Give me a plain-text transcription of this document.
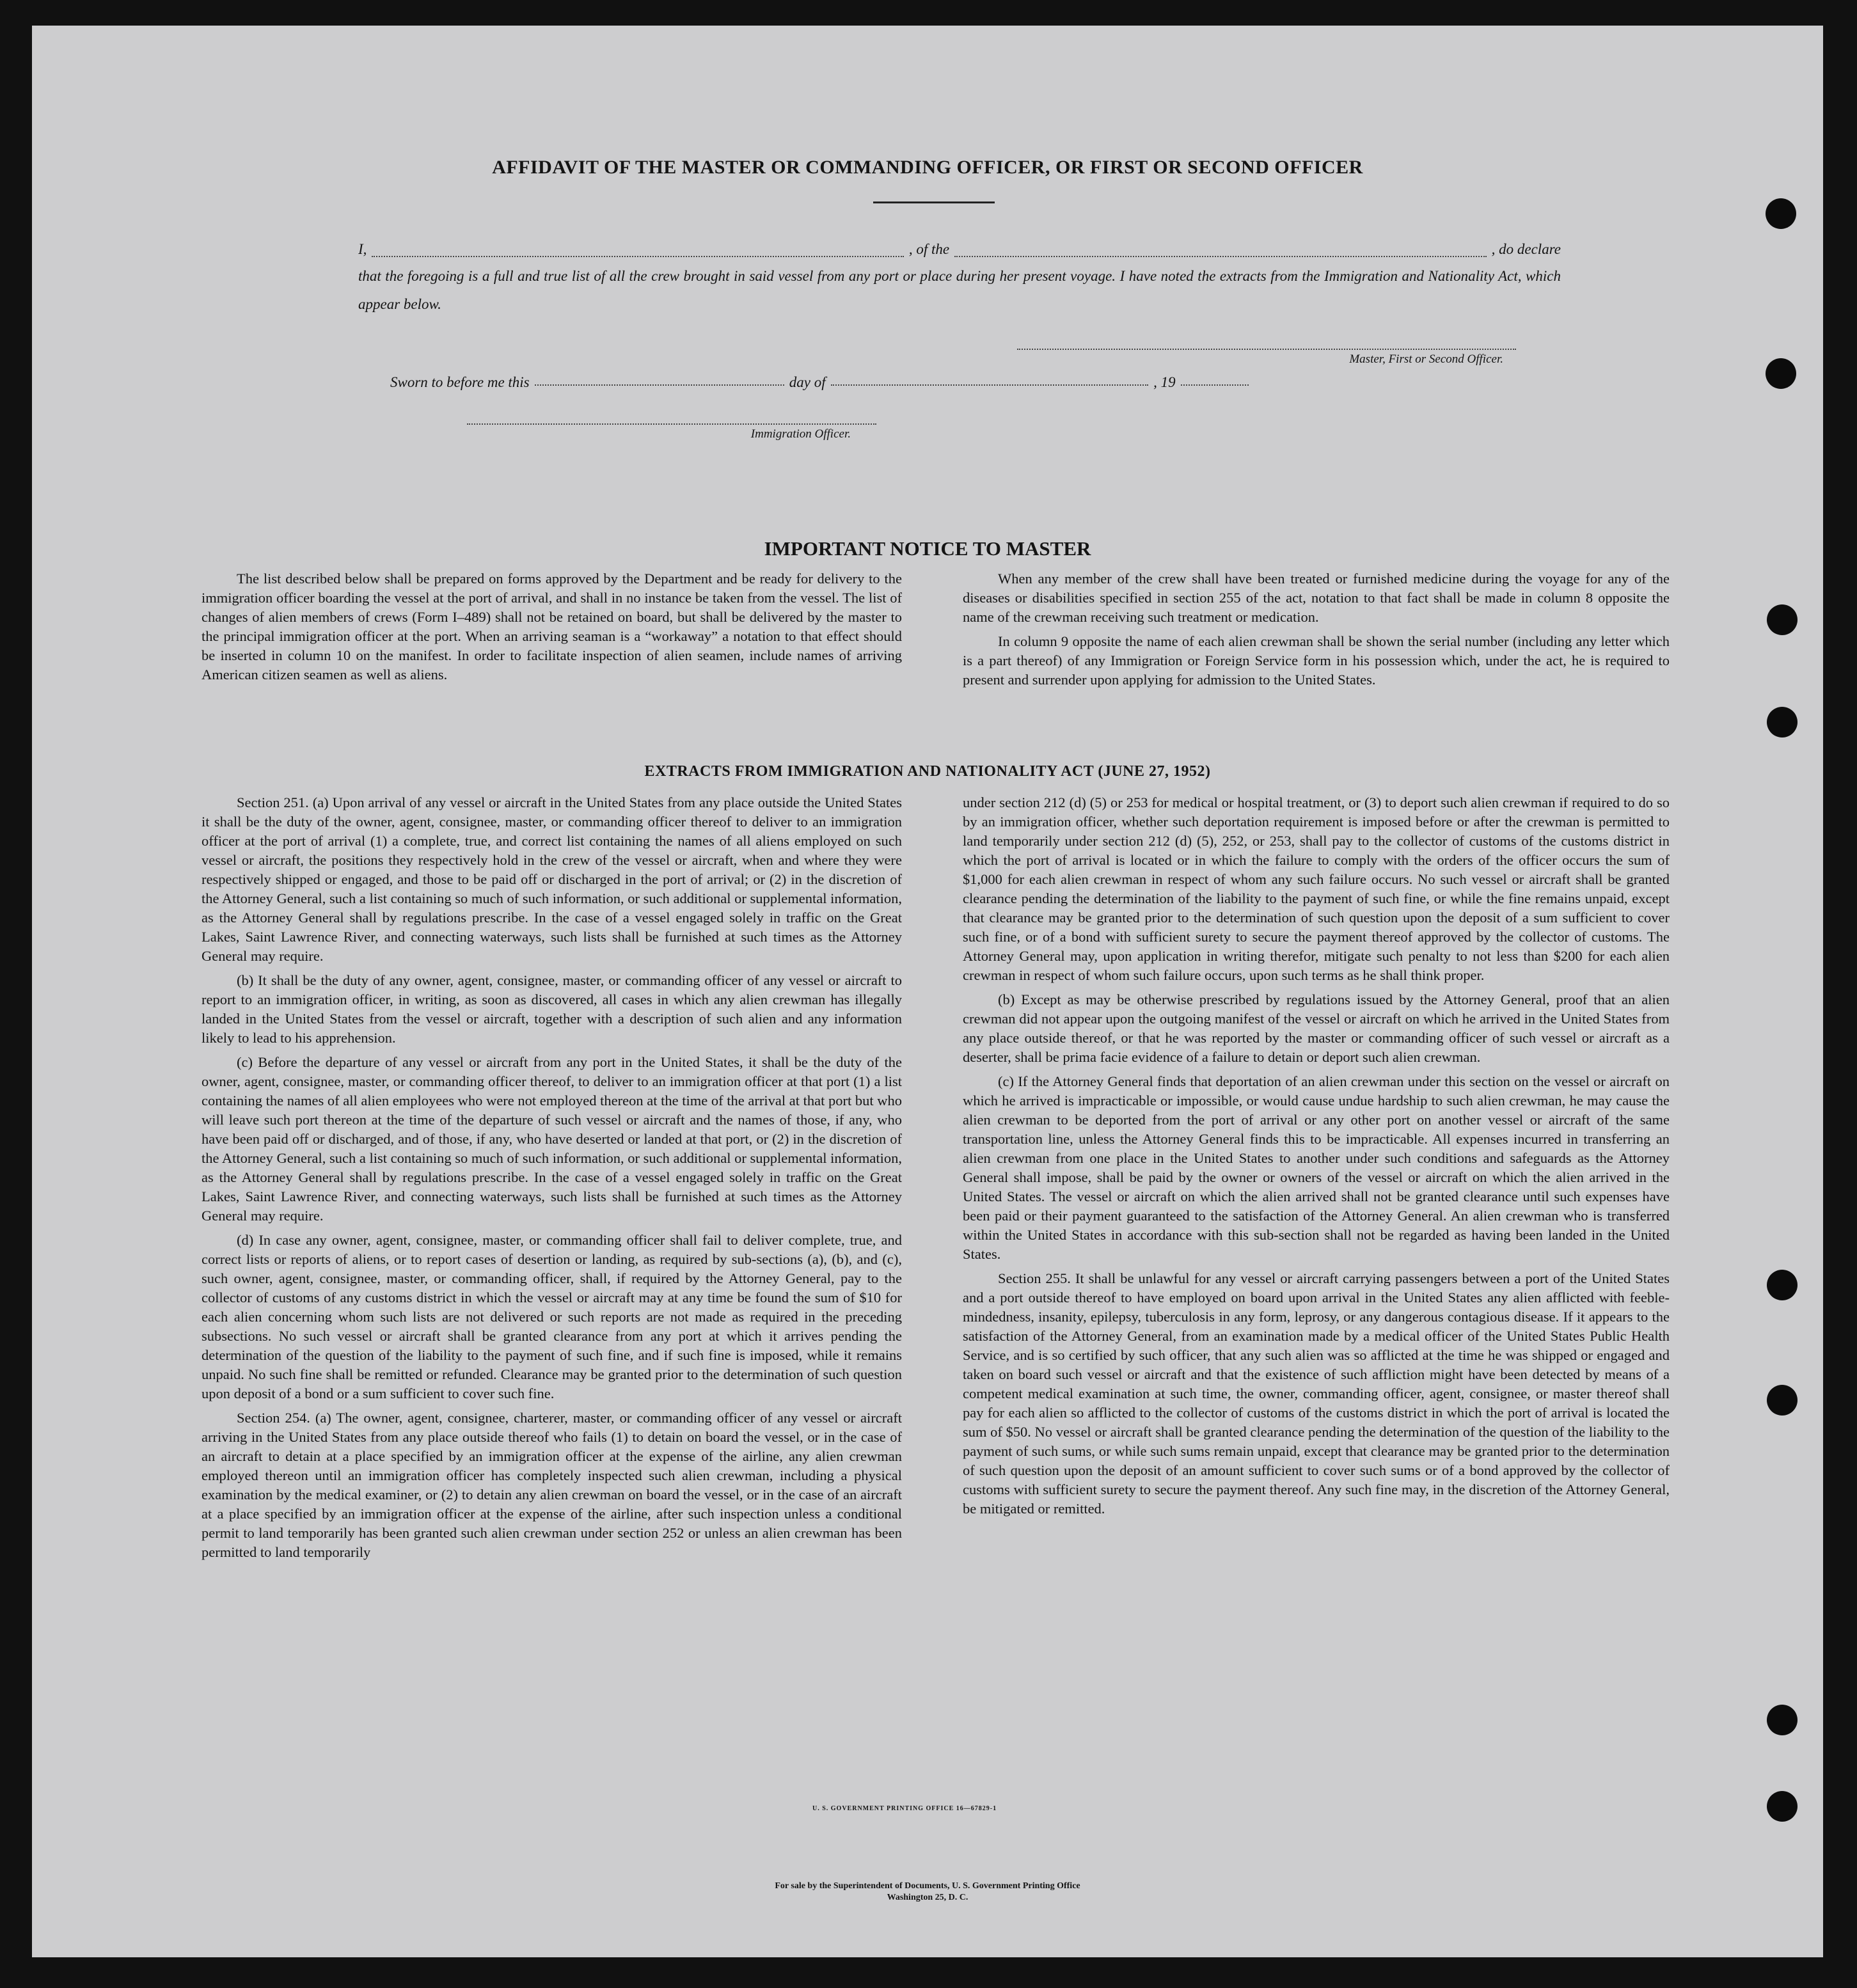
AFFIDAVIT OF THE MASTER OR COMMANDING OFFICER, OR FIRST OR SECOND OFFICER
I,	, of the	, do declare
that the foregoing is a full and true list of all the crew brought in said vessel from any port or place during her present voyage. I have noted the extracts from the Immigration and Nationality Act, which appear below.
Master, First or Second Officer.
Sworn to before me this	day of	, 19
Immigration Officer.
IMPORTANT NOTICE TO MASTER

The list described below shall be prepared on forms approved by the Department and be ready for delivery to the immigration officer boarding the vessel at the port of arrival, and shall in no instance be taken from the vessel. The list of changes of alien members of crews (Form I–489) shall not be retained on board, but shall be delivered by the master to the principal immigration officer at the port. When an arriving seaman is a “workaway” a notation to that effect should be inserted in column 10 on the manifest. In order to facilitate inspection of alien seamen, include names of arriving American citizen seamen as well as aliens.

When any member of the crew shall have been treated or furnished medicine during the voyage for any of the diseases or disabilities specified in section 255 of the act, notation to that fact shall be made in column 8 opposite the name of the crewman receiving such treatment or medication.

In column 9 opposite the name of each alien crewman shall be shown the serial number (including any letter which is a part thereof) of any Immigration or Foreign Service form in his possession which, under the act, he is required to present and surrender upon applying for admission to the United States.

EXTRACTS FROM IMMIGRATION AND NATIONALITY ACT (JUNE 27, 1952)

Section 251. (a) Upon arrival of any vessel or aircraft in the United States from any place outside the United States it shall be the duty of the owner, agent, consignee, master, or commanding officer thereof to deliver to an immigration officer at the port of arrival (1) a complete, true, and correct list containing the names of all aliens employed on such vessel or aircraft, the positions they respectively hold in the crew of the vessel or aircraft, when and where they were respectively shipped or engaged, and those to be paid off or discharged in the port of arrival; or (2) in the discretion of the Attorney General, such a list containing so much of such information, or such additional or supplemental information, as the Attorney General shall by regulations prescribe. In the case of a vessel engaged solely in traffic on the Great Lakes, Saint Lawrence River, and connecting waterways, such lists shall be furnished at such times as the Attorney General may require.

(b) It shall be the duty of any owner, agent, consignee, master, or commanding officer of any vessel or aircraft to report to an immigration officer, in writing, as soon as discovered, all cases in which any alien crewman has illegally landed in the United States from the vessel or aircraft, together with a description of such alien and any information likely to lead to his apprehension.

(c) Before the departure of any vessel or aircraft from any port in the United States, it shall be the duty of the owner, agent, consignee, master, or commanding officer thereof, to deliver to an immigration officer at that port (1) a list containing the names of all alien employees who were not employed thereon at the time of the arrival at that port but who will leave such port thereon at the time of the departure of such vessel or aircraft and the names of those, if any, who have been paid off or discharged, and of those, if any, who have deserted or landed at that port, or (2) in the discretion of the Attorney General, such a list containing so much of such information, or such additional or supplemental information, as the Attorney General shall by regulations prescribe. In the case of a vessel engaged solely in traffic on the Great Lakes, Saint Lawrence River, and connecting waterways, such lists shall be furnished at such times as the Attorney General may require.

(d) In case any owner, agent, consignee, master, or commanding officer shall fail to deliver complete, true, and correct lists or reports of aliens, or to report cases of desertion or landing, as required by sub-sections (a), (b), and (c), such owner, agent, consignee, master, or commanding officer, shall, if required by the Attorney General, pay to the collector of customs of any customs district in which the vessel or aircraft may at any time be found the sum of $10 for each alien concerning whom such lists are not delivered or such reports are not made as required in the preceding subsections. No such vessel or aircraft shall be granted clearance from any port at which it arrives pending the determination of the question of the liability to the payment of such fine, and if such fine is imposed, while it remains unpaid. No such fine shall be remitted or refunded. Clearance may be granted prior to the determination of such question upon deposit of a bond or a sum sufficient to cover such fine.

Section 254. (a) The owner, agent, consignee, charterer, master, or commanding officer of any vessel or aircraft arriving in the United States from any place outside thereof who fails (1) to detain on board the vessel, or in the case of an aircraft to detain at a place specified by an immigration officer at the expense of the airline, any alien crewman employed thereon until an immigration officer has completely inspected such alien crewman, including a physical examination by the medical examiner, or (2) to detain any alien crewman on board the vessel, or in the case of an aircraft at a place specified by an immigration officer at the expense of the airline, after such inspection unless a conditional permit to land temporarily has been granted such alien crewman under section 252 or unless an alien crewman has been permitted to land temporarily

under section 212 (d) (5) or 253 for medical or hospital treatment, or (3) to deport such alien crewman if required to do so by an immigration officer, whether such deportation requirement is imposed before or after the crewman is permitted to land temporarily under section 212 (d) (5), 252, or 253, shall pay to the collector of customs of the customs district in which the port of arrival is located or in which the failure to comply with the orders of the officer occurs the sum of $1,000 for each alien crewman in respect of whom any such failure occurs. No such vessel or aircraft shall be granted clearance pending the determination of the liability to the payment of such fine, or while the fine remains unpaid, except that clearance may be granted prior to the determination of such question upon the deposit of a sum sufficient to cover such fine, or of a bond with sufficient surety to secure the payment thereof approved by the collector of customs. The Attorney General may, upon application in writing therefor, mitigate such penalty to not less than $200 for each alien crewman in respect of whom such failure occurs, upon such terms as he shall think proper.

(b) Except as may be otherwise prescribed by regulations issued by the Attorney General, proof that an alien crewman did not appear upon the outgoing manifest of the vessel or aircraft on which he arrived in the United States from any place outside thereof, or that he was reported by the master or commanding officer of such vessel or aircraft as a deserter, shall be prima facie evidence of a failure to detain or deport such alien crewman.

(c) If the Attorney General finds that deportation of an alien crewman under this section on the vessel or aircraft on which he arrived is impracticable or impossible, or would cause undue hardship to such alien crewman, he may cause the alien crewman to be deported from the port of arrival or any other port on another vessel or aircraft of the same transportation line, unless the Attorney General finds this to be impracticable. All expenses incurred in transferring an alien crewman from one place in the United States to another under such conditions and safeguards as the Attorney General shall impose, shall be paid by the owner or owners of the vessel or aircraft on which the alien arrived in the United States. The vessel or aircraft on which the alien arrived shall not be granted clearance until such expenses have been paid or their payment guaranteed to the satisfaction of the Attorney General. An alien crewman who is transferred within the United States in accordance with this sub-section shall not be regarded as having been landed in the United States.

Section 255. It shall be unlawful for any vessel or aircraft carrying passengers between a port of the United States and a port outside thereof to have employed on board upon arrival in the United States any alien afflicted with feeble-mindedness, insanity, epilepsy, tuberculosis in any form, leprosy, or any dangerous contagious disease. If it appears to the satisfaction of the Attorney General, from an examination made by a medical officer of the United States Public Health Service, and is so certified by such officer, that any such alien was so afflicted at the time he was shipped or engaged and taken on board such vessel or aircraft and that the existence of such affliction might have been detected by means of a competent medical examination at such time, the owner, commanding officer, agent, consignee, or master thereof shall pay for each alien so afflicted to the collector of customs of the customs district in which the port of arrival is located the sum of $50. No vessel or aircraft shall be granted clearance pending the determination of the question of the liability to the payment of such sums, or while such sums remain unpaid, except that clearance may be granted prior to the determination of such question upon the deposit of an amount sufficient to cover such sums or of a bond approved by the collector of customs with sufficient surety to secure the payment thereof. Any such fine may, in the discretion of the Attorney General, be mitigated or remitted.

U. S. GOVERNMENT PRINTING OFFICE 16—67829-1
For sale by the Superintendent of Documents, U. S. Government Printing Office
Washington 25, D. C.
